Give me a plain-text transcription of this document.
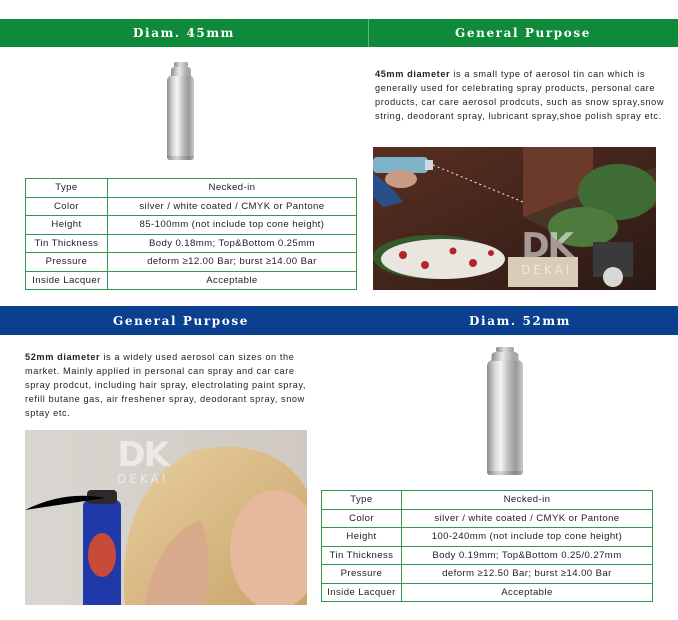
Diam. 45mm	General Purpose
Type	Necked-in
Color	silver / white coated / CMYK or Pantone
Height	85-100mm (not include top cone height)
Tin Thickness	Body 0.18mm; Top&Bottom 0.25mm
Pressure	deform ≥12.00 Bar; burst ≥14.00 Bar
Inside Lacquer	Acceptable
45mm diameter is a small type of aerosol tin can which is generally used for celebrating spray products, personal care products, car care aerosol prodcuts, such as snow spray,snow string, deodorant spray, lubricant spray,shoe polish spray etc.
DK
DEKAI
General Purpose	Diam. 52mm
52mm diameter is a widely used aerosol can sizes on the market. Mainly applied in personal can spray and car care spray prodcut, including hair spray, electrolating paint spray, refill butane gas, air freshener spray, deodorant spray, snow sptay etc.
DK
DEKAI
Type	Necked-in
Color	silver / white coated / CMYK or Pantone
Height	100-240mm (not include top cone height)
Tin Thickness	Body 0.19mm; Top&Bottom 0.25/0.27mm
Pressure	deform ≥12.50 Bar; burst ≥14.00 Bar
Inside Lacquer	Acceptable
